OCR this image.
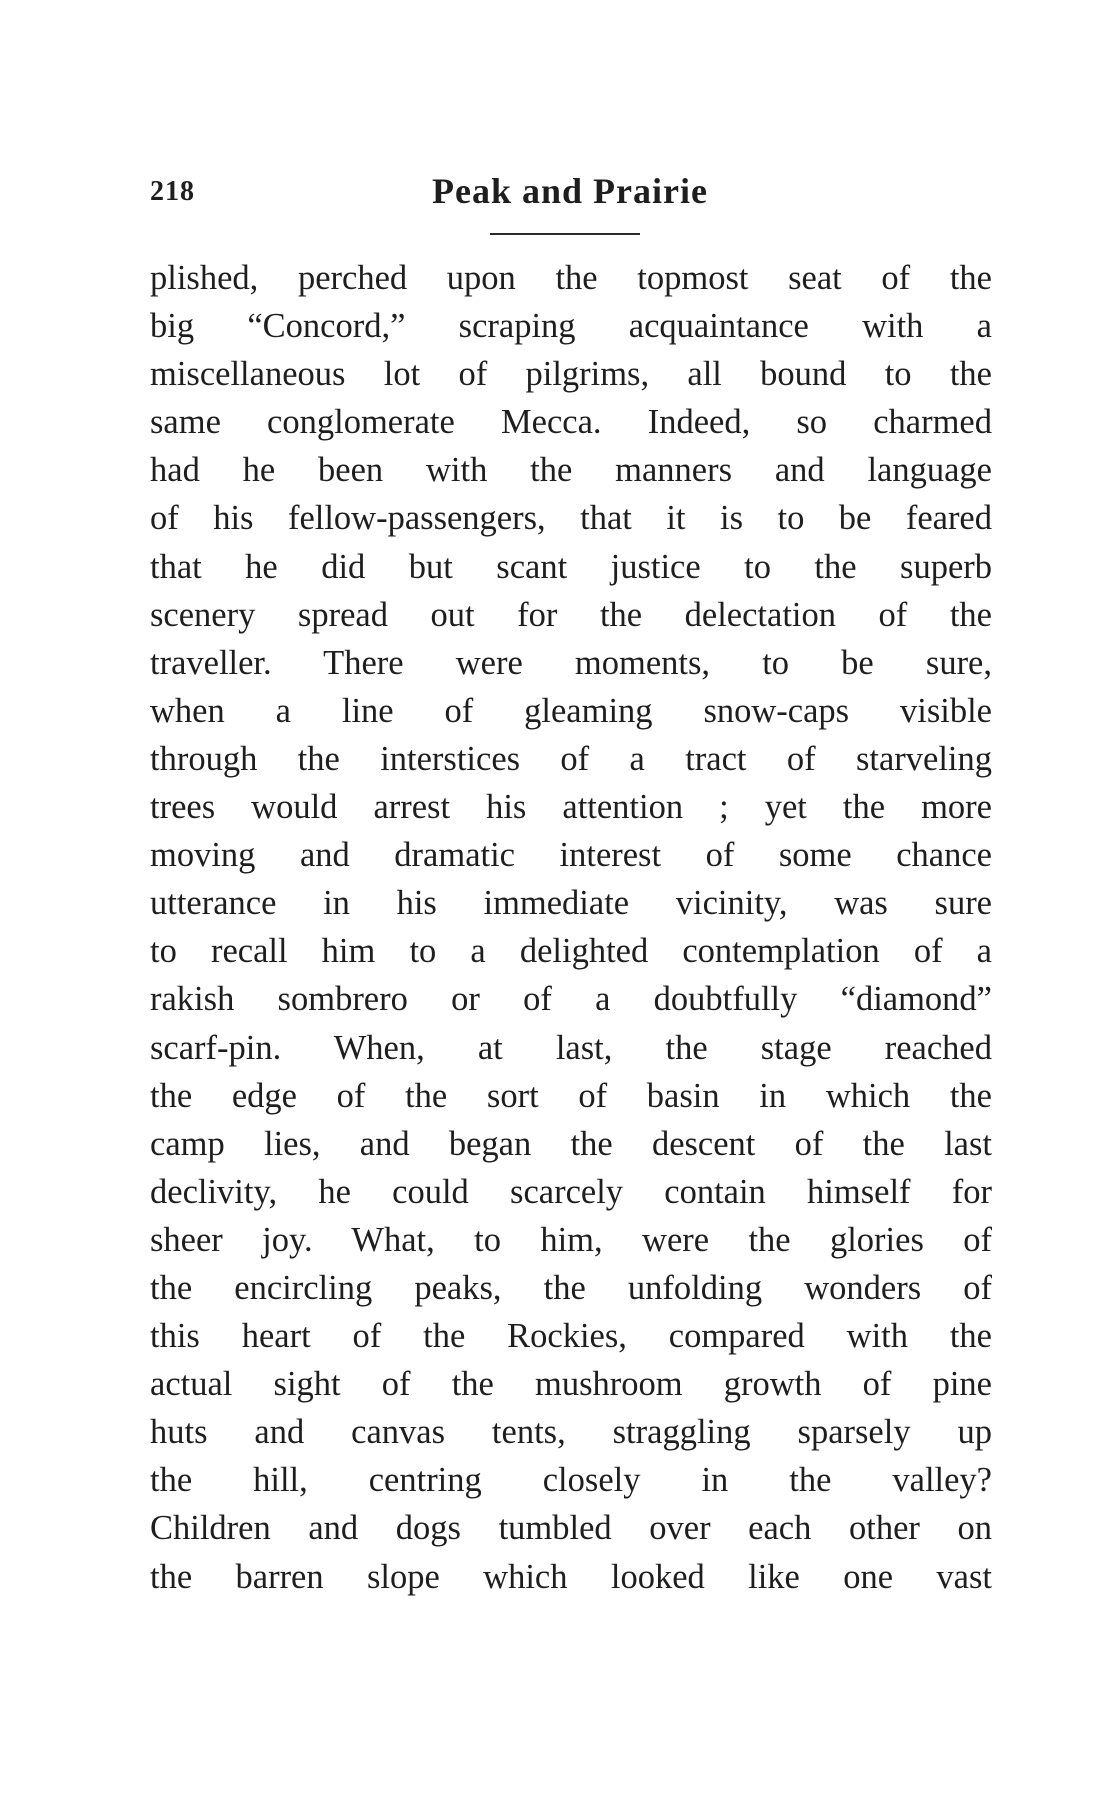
218	Peak and Prairie
plished, perched upon the topmost seat of the
big “Concord,” scraping acquaintance with a
miscellaneous lot of pilgrims, all bound to the
same conglomerate Mecca. Indeed, so charmed
had he been with the manners and language
of his fellow-passengers, that it is to be feared
that he did but scant justice to the superb
scenery spread out for the delectation of the
traveller. There were moments, to be sure,
when a line of gleaming snow-caps visible
through the interstices of a tract of starveling
trees would arrest his attention ; yet the more
moving and dramatic interest of some chance
utterance in his immediate vicinity, was sure
to recall him to a delighted contemplation of a
rakish sombrero or of a doubtfully “diamond”
scarf-pin. When, at last, the stage reached
the edge of the sort of basin in which the
camp lies, and began the descent of the last
declivity, he could scarcely contain himself for
sheer joy. What, to him, were the glories of
the encircling peaks, the unfolding wonders of
this heart of the Rockies, compared with the
actual sight of the mushroom growth of pine
huts and canvas tents, straggling sparsely up
the hill, centring closely in the valley?
Children and dogs tumbled over each other on
the barren slope which looked like one vast
